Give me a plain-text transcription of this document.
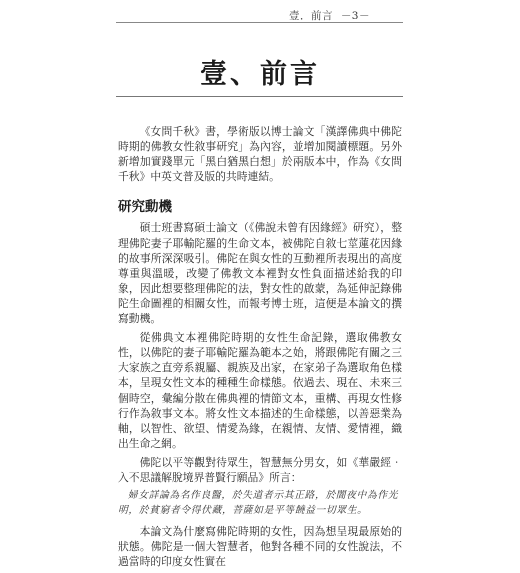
壹．前言 －3－
壹、前言

《女問千秋》書，學術版以博士論文「漢譯佛典中佛陀時期的佛教女性敘事研究」為內容，並增加閱讀標題。另外新增加實踐單元「黑白猶黑白想」於兩版本中，作為《女問千秋》中英文普及版的共時連結。

研究動機

碩士班書寫碩士論文（《佛說未曾有因緣經》研究），整理佛陀妻子耶輸陀羅的生命文本，被佛陀自敘七莖蓮花因緣的故事所深深吸引。佛陀在與女性的互動裡所表現出的高度尊重與溫暖，改變了佛教文本裡對女性負面描述給我的印象，因此想要整理佛陀的法，對女性的啟蒙，為延伸記錄佛陀生命圖裡的相關女性，而報考博士班，這便是本論文的撰寫動機。

從佛典文本裡佛陀時期的女性生命記錄，選取佛教女性，以佛陀的妻子耶輸陀羅為範本之始，將跟佛陀有關之三大家族之直旁系親屬、親族及出家，在家弟子為選取角色樣本，呈現女性文本的種種生命樣態。依過去、現在、未來三個時空，彙編分散在佛典裡的情節文本，重構、再現女性修行作為敘事文本。將女性文本描述的生命樣態，以善惡業為軸，以智性、欲望、情愛為緣，在親情、友情、愛情裡，織出生命之網。

佛陀以平等觀對待眾生，智慧無分男女，如《華嚴經‧入不思議解脫境界普賢行願品》所言：

婦女詳論為名作良醫，於失道者示其正路，於闇夜中為作光明，於貧窮者令得伏藏，菩薩如是平等饒益一切眾生。

本論文為什麼寫佛陀時期的女性，因為想呈現最原始的狀態。佛陀是一個大智慧者，他對各種不同的女性說法，不過當時的印度女性實在
